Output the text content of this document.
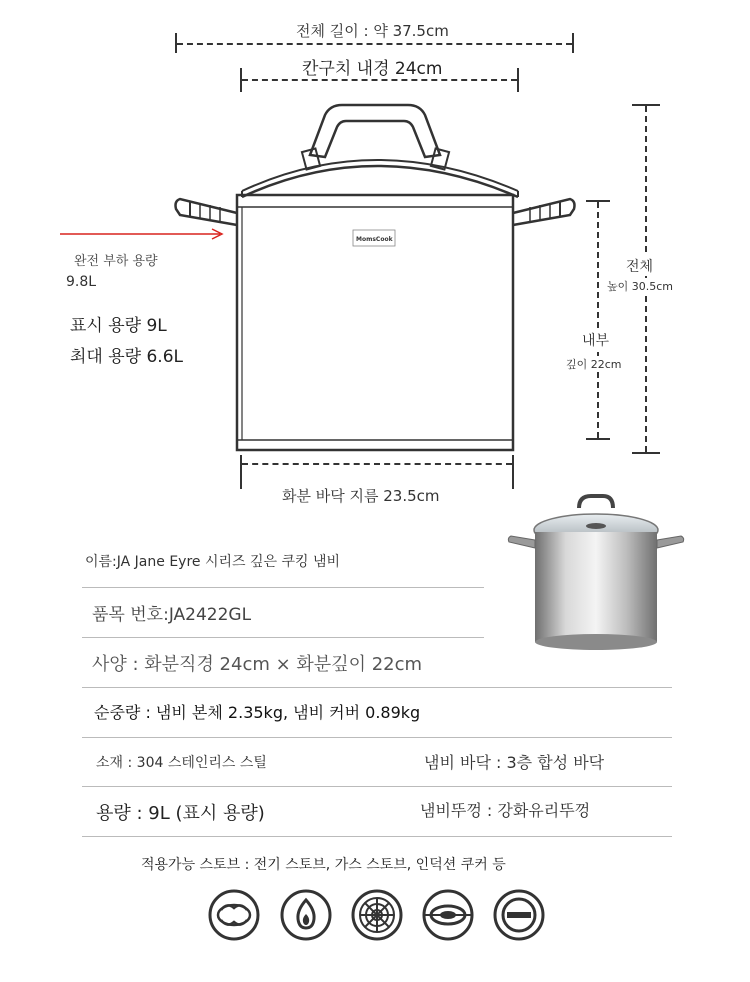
전체 길이 : 약 37.5cm
칸구치 내경 24cm
MomsCook
화분 바닥 지름 23.5cm
전체
높이 30.5cm
내부
깊이 22cm
완전 부하 용량
9.8L
표시 용량 9L
최대 용량 6.6L
이름:JA Jane Eyre 시리즈 깊은 쿠킹 냄비
품목 번호:JA2422GL
사양 : 화분직경 24cm × 화분깊이 22cm
순중량 : 냄비 본체 2.35kg, 냄비 커버 0.89kg
소재 : 304 스테인리스 스틸	냄비 바닥 : 3층 합성 바닥
용량 : 9L (표시 용량)	냄비뚜껑 : 강화유리뚜껑
적용가능 스토브 : 전기 스토브, 가스 스토브, 인덕션 쿠커 등
